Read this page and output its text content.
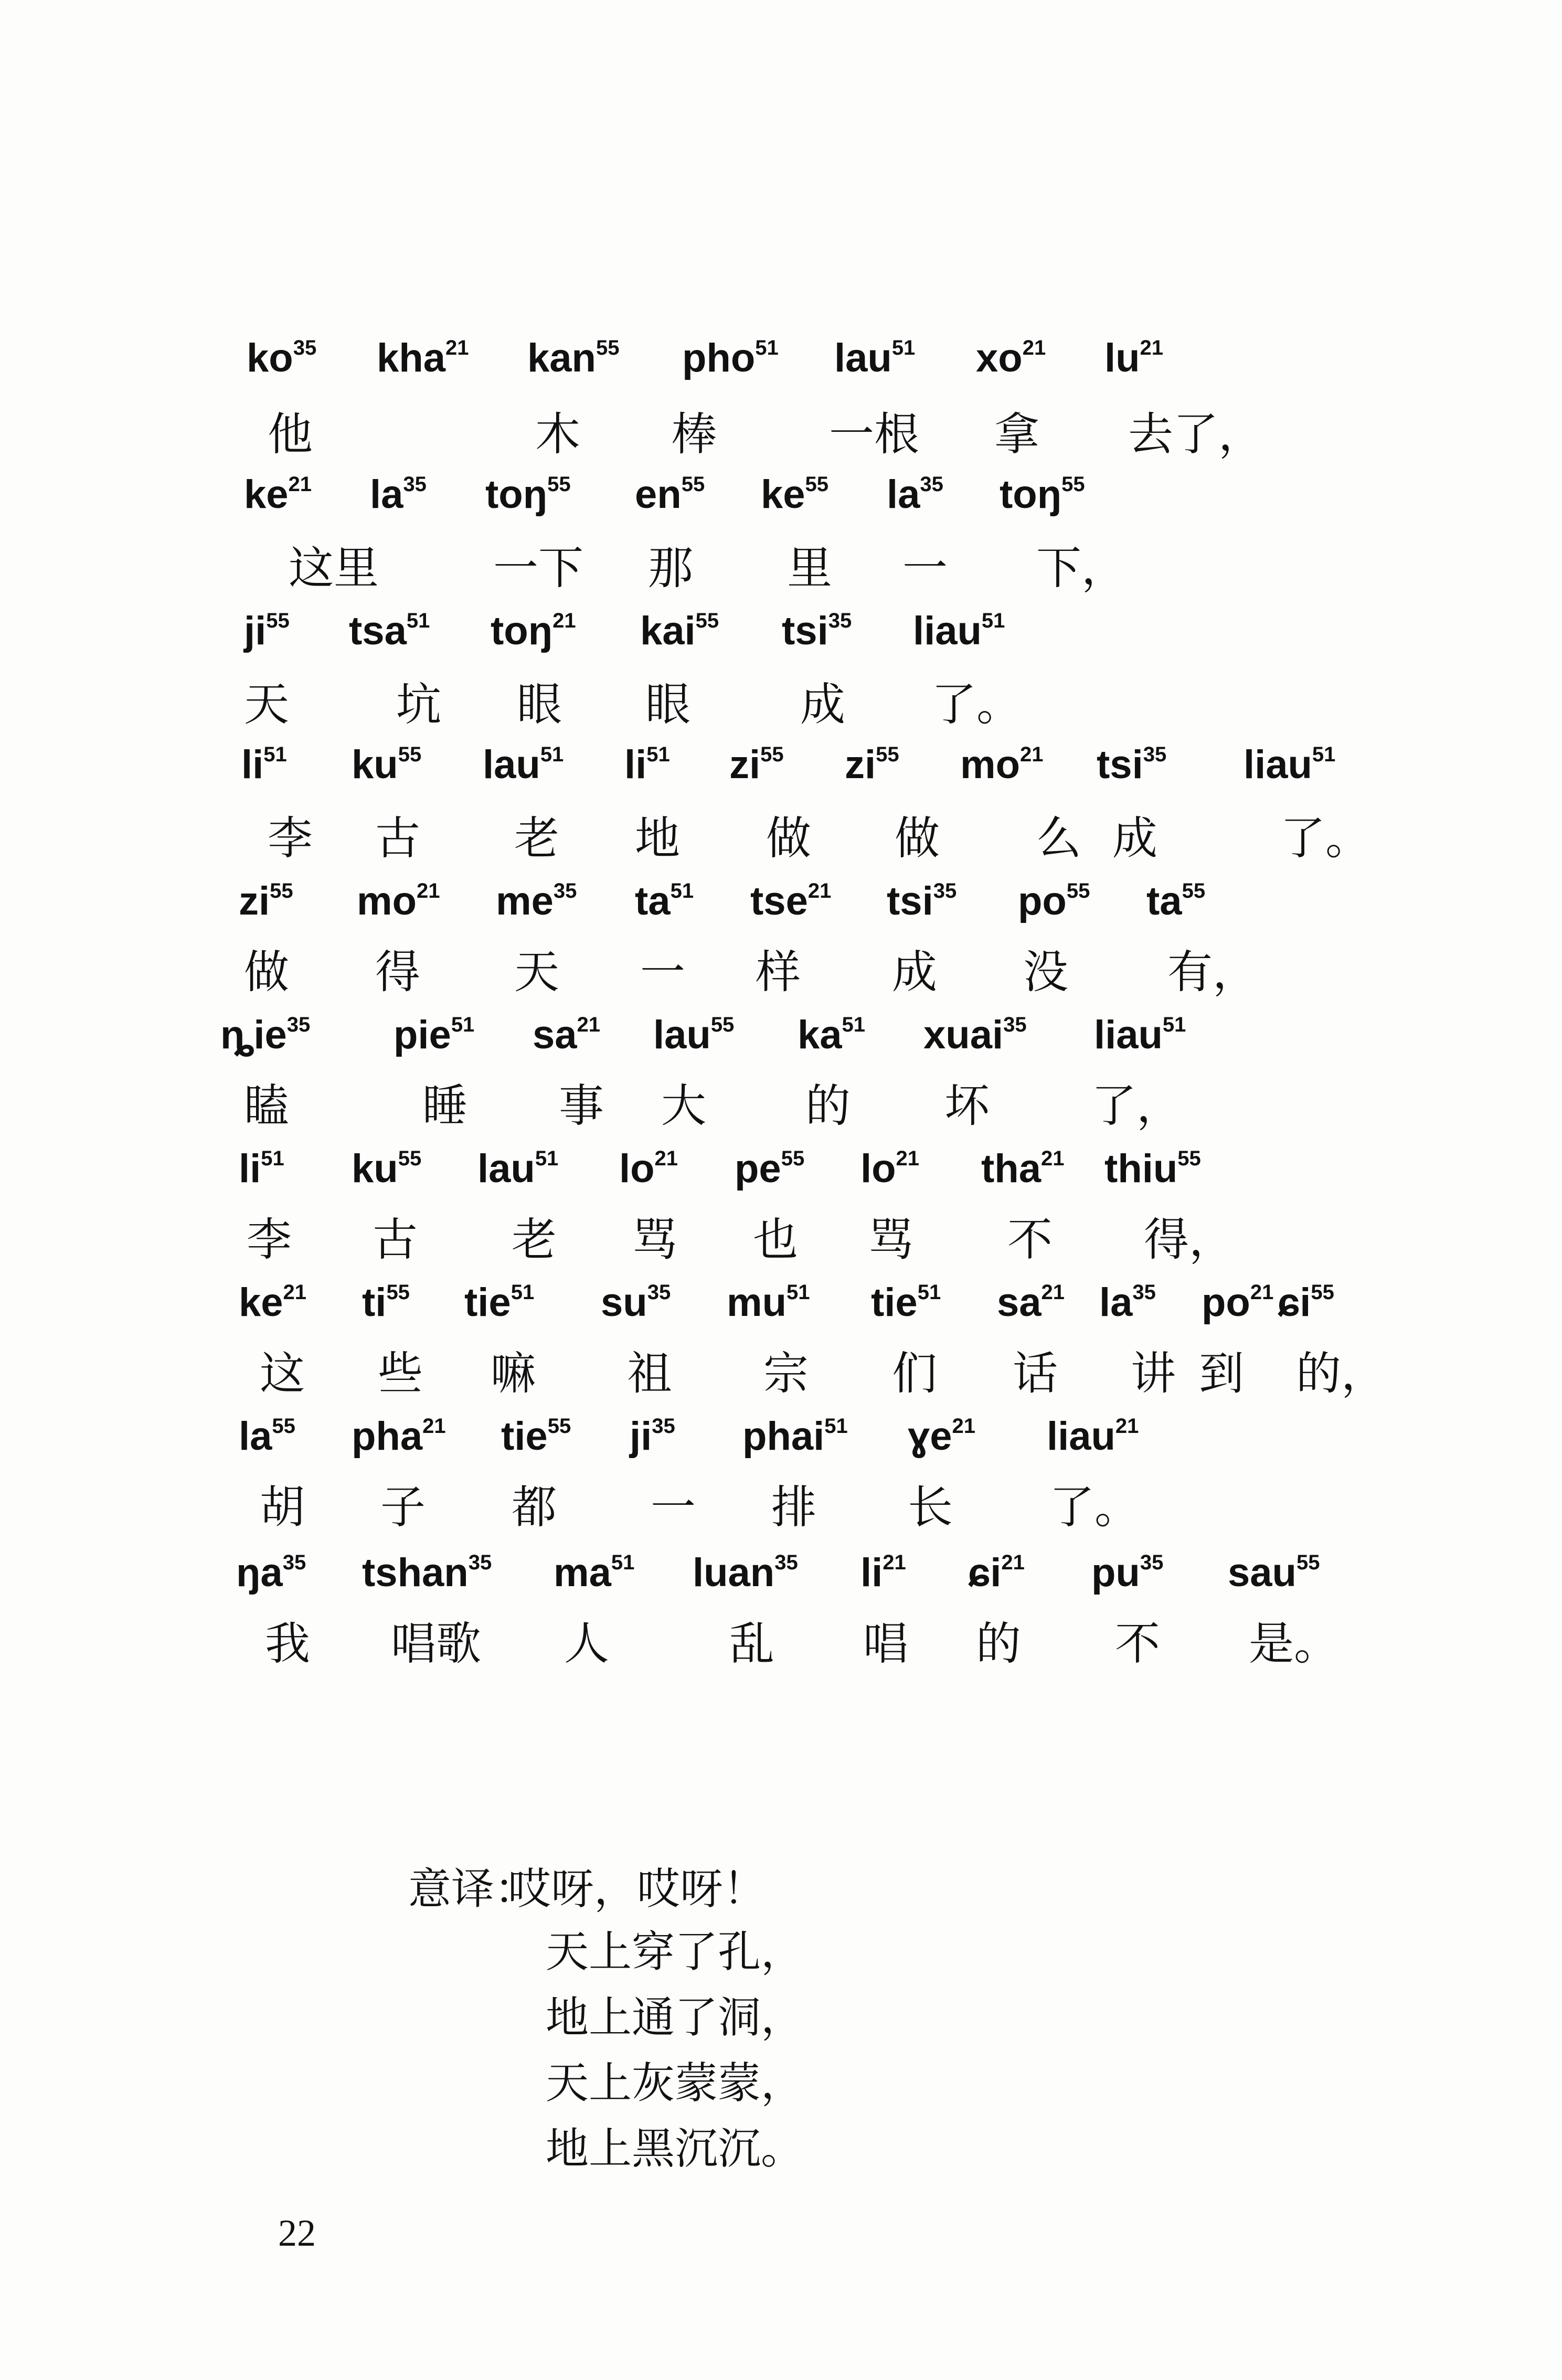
$ko^{35}$ kha$^{21}$ kan$^{55}$ pho$^{51}$ lau$^{51}$ $xo^{21}$ $lu^{21}$
他	木 棒 一根 拿 去了，
$ke^{21}$ $la^{35}$ toŋ$^{55}$ $en^{55}$ $ke^{55}$ $la^{35}$ toŋ$^{55}$
这里	一下 那 里 一 下，
$ji^{55}$ tsa$^{51}$ toŋ$^{21}$ kai$^{55}$ tsi$^{35}$ liau$^{51}$
天 坑 眼 眼 成 了。
$li^{51}$ $ku^{55}$ lau$^{51}$ $li^{51}$ $zi^{55}$ $zi^{55}$ $mo^{21}$ tsi$^{35}$ liau$^{51}$
李 古 老 地 做 做 么 成	了。
$zi^{55}$ $mo^{21}$ $me^{35}$ $ta^{51}$ tse$^{21}$ tsi$^{35}$ $po^{55}$ $ta^{55}$
做 得 天 一 样 成 没 有，
ȵie$^{35}$ pie$^{51}$ $sa^{21}$ lau$^{55}$ $ka^{51}$ xuai$^{35}$ liau$^{51}$
瞌	睡 事 大 的 坏 了，
$li^{51}$ $ku^{55}$ lau$^{51}$ $lo^{21}$ $pe^{55}$ $lo^{21}$ tha$^{21}$ thiu$^{55}$
李 古 老 骂 也 骂 不 得，
$ke^{21}$ $ti^{55}$ tie$^{51}$ $su^{35}$ $mu^{51}$ tie$^{51}$ $sa^{21}$ $la^{35}$ $po^{21}$ ɕi$^{55}$
这 些 嘛 祖 宗 们 话 讲 到 的，
$la^{55}$ pha$^{21}$ tie$^{55}$ $ji^{35}$ phai$^{51}$ ɣe$^{21}$ liau$^{21}$
胡 子 都 一 排 长 了。
$ŋa^{35}$ tshan$^{35}$ $ma^{51}$ luan$^{35}$ $li^{21}$ ɕi$^{21}$ $pu^{35}$ sau$^{55}$
我 唱歌 人	乱 唱 的 不 是。
意译：
哎呀，哎呀！
天上穿了孔，
地上通了洞，
天上灰蒙蒙，
地上黑沉沉。
22
